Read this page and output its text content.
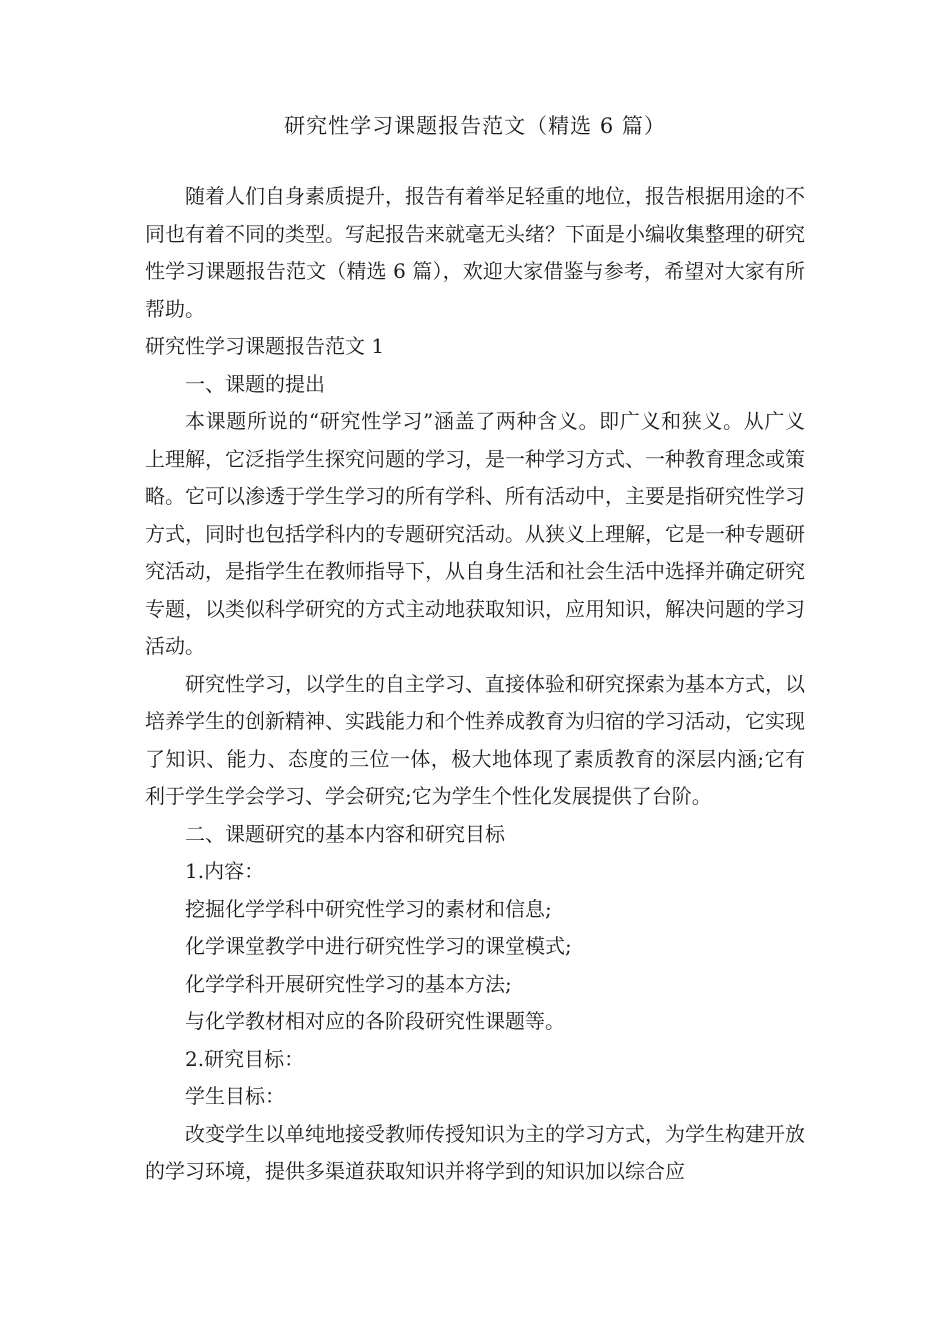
研究性学习课题报告范文（精选 6 篇）

随着人们自身素质提升，报告有着举足轻重的地位，报告根据用途的不同也有着不同的类型。写起报告来就毫无头绪？下面是小编收集整理的研究性学习课题报告范文（精选 6 篇），欢迎大家借鉴与参考，希望对大家有所帮助。

研究性学习课题报告范文 1

一、课题的提出

本课题所说的“研究性学习”涵盖了两种含义。即广义和狭义。从广义上理解，它泛指学生探究问题的学习，是一种学习方式、一种教育理念或策略。它可以渗透于学生学习的所有学科、所有活动中，主要是指研究性学习方式，同时也包括学科内的专题研究活动。从狭义上理解，它是一种专题研究活动，是指学生在教师指导下，从自身生活和社会生活中选择并确定研究专题，以类似科学研究的方式主动地获取知识，应用知识，解决问题的学习活动。

研究性学习，以学生的自主学习、直接体验和研究探索为基本方式，以培养学生的创新精神、实践能力和个性养成教育为归宿的学习活动，它实现了知识、能力、态度的三位一体，极大地体现了素质教育的深层内涵;它有利于学生学会学习、学会研究;它为学生个性化发展提供了台阶。

二、课题研究的基本内容和研究目标

1.内容：

挖掘化学学科中研究性学习的素材和信息;

化学课堂教学中进行研究性学习的课堂模式;

化学学科开展研究性学习的基本方法;

与化学教材相对应的各阶段研究性课题等。

2.研究目标：

学生目标：

改变学生以单纯地接受教师传授知识为主的学习方式，为学生构建开放的学习环境，提供多渠道获取知识并将学到的知识加以综合应
